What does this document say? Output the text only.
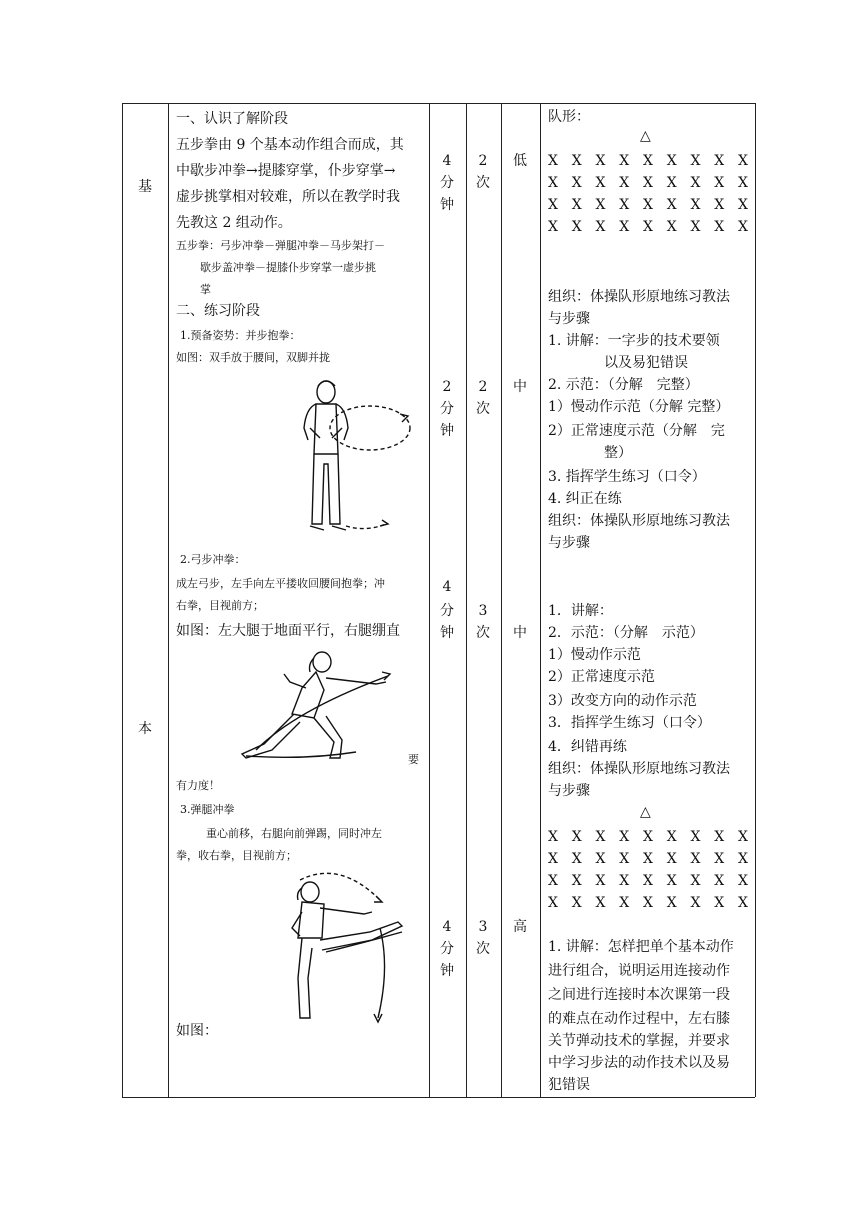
基
本
一、认识了解阶段
五步拳由 9 个基本动作组合而成，其
中歇步冲拳→提膝穿掌，仆步穿掌→
虚步挑掌相对较难，所以在教学时我
先教这 2 组动作。
五步拳：弓步冲拳－弹腿冲拳－马步架打－
歇步盖冲拳－提膝仆步穿掌一虚步挑
掌
二、练习阶段
1.预备姿势：并步抱拳：
如图：双手放于腰间，双脚并拢
2.弓步冲拳：
成左弓步，左手向左平搂收回腰间抱拳；冲
右拳，目视前方；
如图：左大腿于地面平行，右腿绷直
要
有力度！
3.弹腿冲拳
重心前移，右腿向前弹踢，同时冲左
拳，收右拳，目视前方；
如图：
4
分
钟
2
分
钟
4
分
钟
4
分
钟
2
次
2
次
3
次
3
次
低
中
中
高
队形：
△
X X X X X X X X X
X X X X X X X X X
X X X X X X X X X
X X X X X X X X X
组织：体操队形原地练习教法
与步骤
1. 讲解：一字步的技术要领
以及易犯错误
2. 示范：（分解　完整）
1）慢动作示范（分解 完整）
2）正常速度示范（分解　完
整）
3. 指挥学生练习（口令）
4. 纠正在练
组织：体操队形原地练习教法
与步骤
1．讲解：
2．示范：（分解　示范）
1）慢动作示范
2）正常速度示范
3）改变方向的动作示范
3．指挥学生练习（口令）
4．纠错再练
组织：体操队形原地练习教法
与步骤
△
X X X X X X X X X
X X X X X X X X X
X X X X X X X X X
X X X X X X X X X
1. 讲解：怎样把单个基本动作
进行组合，说明运用连接动作
之间进行连接时本次课第一段
的难点在动作过程中，左右膝
关节弹动技术的掌握，并要求
中学习步法的动作技术以及易
犯错误
